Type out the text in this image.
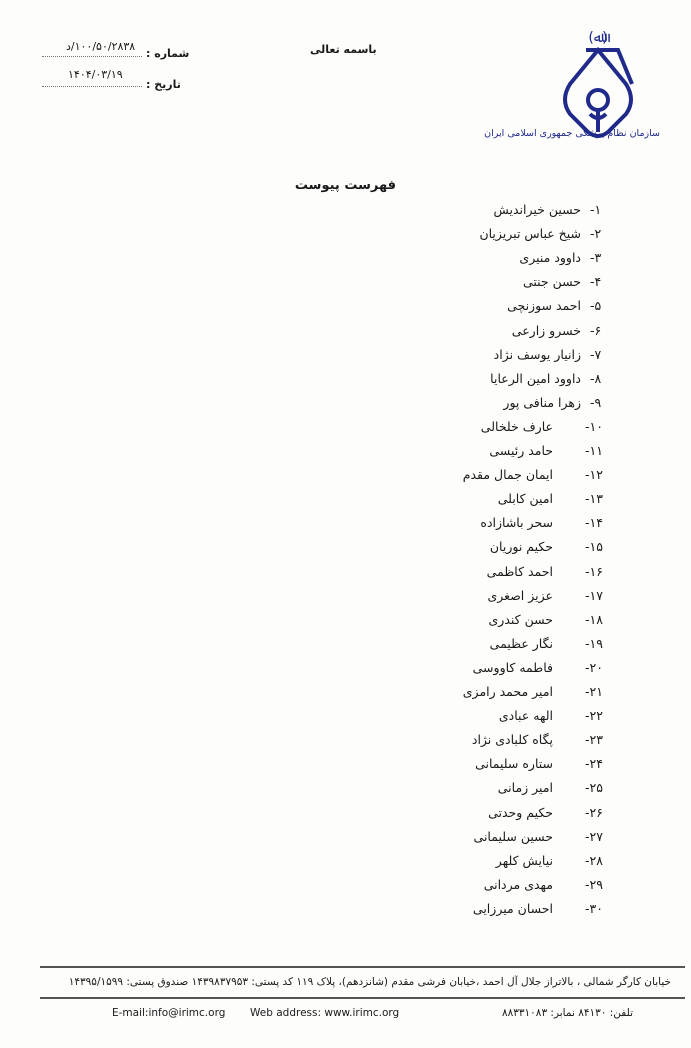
(ﷲ)
سازمان نظام پزشکی جمهوری اسلامی ایران
باسمه تعالی
شماره :
۱۰۰/۵۰/۲۸۳۸/د
تاریخ :
۱۴۰۴/۰۳/۱۹
فهرست پیوست
-۱
حسین خیراندیش
-۲
شیخ عباس تبریزیان
-۳
داوود منیری
-۴
حسن جنتی
-۵
احمد سوزنچی
-۶
خسرو زارعی
-۷
زانیار یوسف نژاد
-۸
داوود امین الرعایا
-۹
زهرا منافی پور
-۱۰
عارف خلخالی
-۱۱
حامد رئیسی
-۱۲
ایمان جمال مقدم
-۱۳
امین کابلی
-۱۴
سحر باشازاده
-۱۵
حکیم نوریان
-۱۶
احمد کاظمی
-۱۷
عزیز اصغری
-۱۸
حسن کندری
-۱۹
نگار عظیمی
-۲۰
فاطمه کاووسی
-۲۱
امیر محمد رامزی
-۲۲
الهه عبادی
-۲۳
پگاه کلبادی نژاد
-۲۴
ستاره سلیمانی
-۲۵
امیر زمانی
-۲۶
حکیم وحدتی
-۲۷
حسین سلیمانی
-۲۸
نیایش کلهر
-۲۹
مهدی مردانی
-۳۰
احسان میرزایی
خیابان کارگر شمالی ، بالاتراز جلال آل احمد ،خیابان فرشی مقدم (شانزدهم)، پلاک ۱۱۹ کد پستی: ۱۴۳۹۸۳۷۹۵۳ صندوق پستی: ۱۴۳۹۵/۱۵۹۹
تلفن: ۸۴۱۳۰ نمابر: ۸۸۳۳۱۰۸۳
Web address: www.irimc.org
E-mail:info@irimc.org
